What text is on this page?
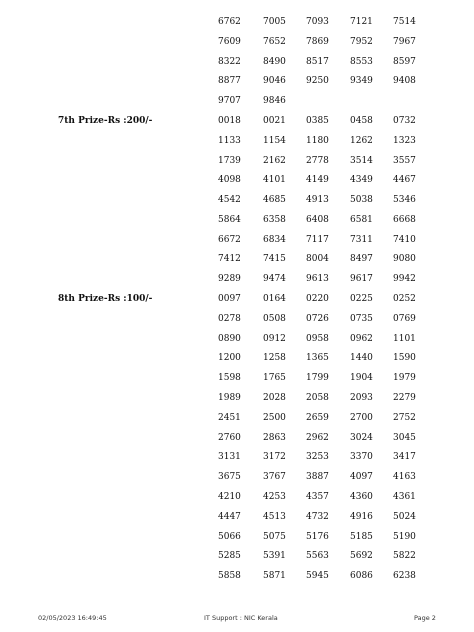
6762 7005 7093 7121 7514
7609 7652 7869 7952 7967
8322 8490 8517 8553 8597
8877 9046 9250 9349 9408
9707 9846
7th Prize-Rs :200/-	0018 0021 0385 0458 0732
1133 1154 1180 1262 1323
1739 2162 2778 3514 3557
4098 4101 4149 4349 4467
4542 4685 4913 5038 5346
5864 6358 6408 6581 6668
6672 6834 7117 7311 7410
7412 7415 8004 8497 9080
9289 9474 9613 9617 9942
8th Prize-Rs :100/-	0097 0164 0220 0225 0252
0278 0508 0726 0735 0769
0890 0912 0958 0962 1101
1200 1258 1365 1440 1590
1598 1765 1799 1904 1979
1989 2028 2058 2093 2279
2451 2500 2659 2700 2752
2760 2863 2962 3024 3045
3131 3172 3253 3370 3417
3675 3767 3887 4097 4163
4210 4253 4357 4360 4361
4447 4513 4732 4916 5024
5066 5075 5176 5185 5190
5285 5391 5563 5692 5822
5858 5871 5945 6086 6238
02/05/2023 16:49:45	IT Support : NIC Kerala	Page 2
